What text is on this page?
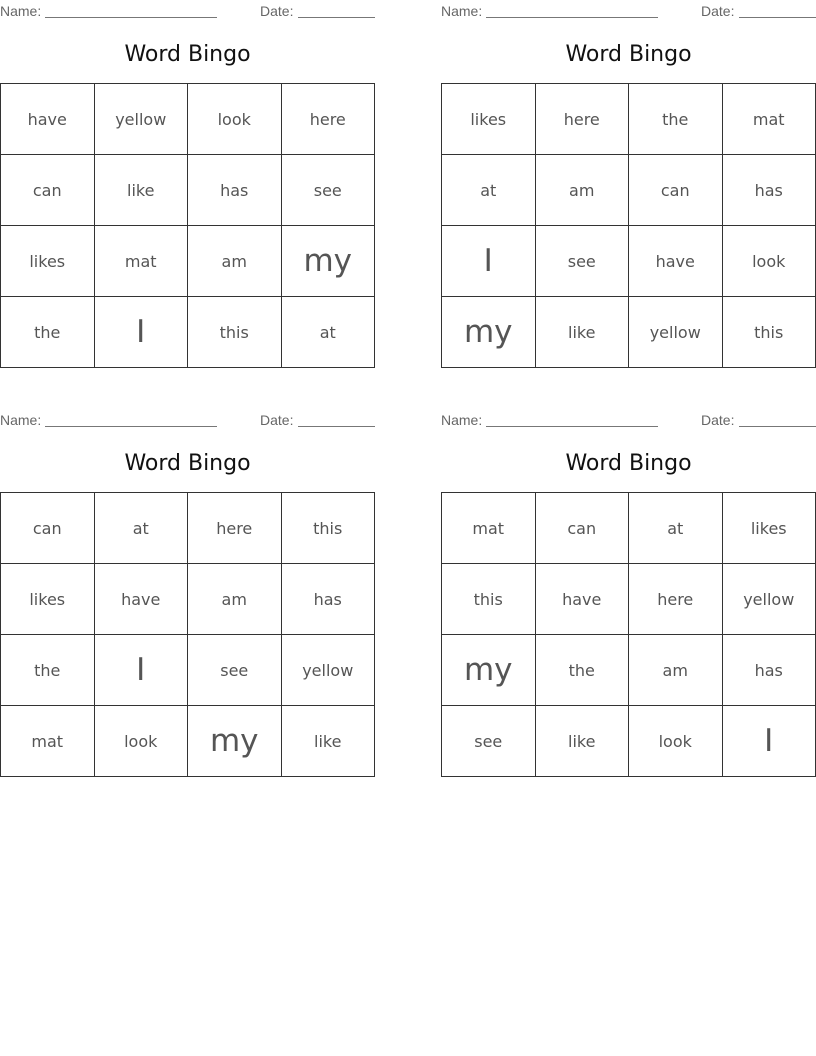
Name:	Date:
Word Bingo
have	yellow	look	here
can	like	has	see
likes	mat	am	my
the	I	this	at
Name:	Date:
Word Bingo
likes	here	the	mat
at	am	can	has
I	see	have	look
my	like	yellow	this
Name:	Date:
Word Bingo
can	at	here	this
likes	have	am	has
the	I	see	yellow
mat	look	my	like
Name:	Date:
Word Bingo
mat	can	at	likes
this	have	here	yellow
my	the	am	has
see	like	look	I
